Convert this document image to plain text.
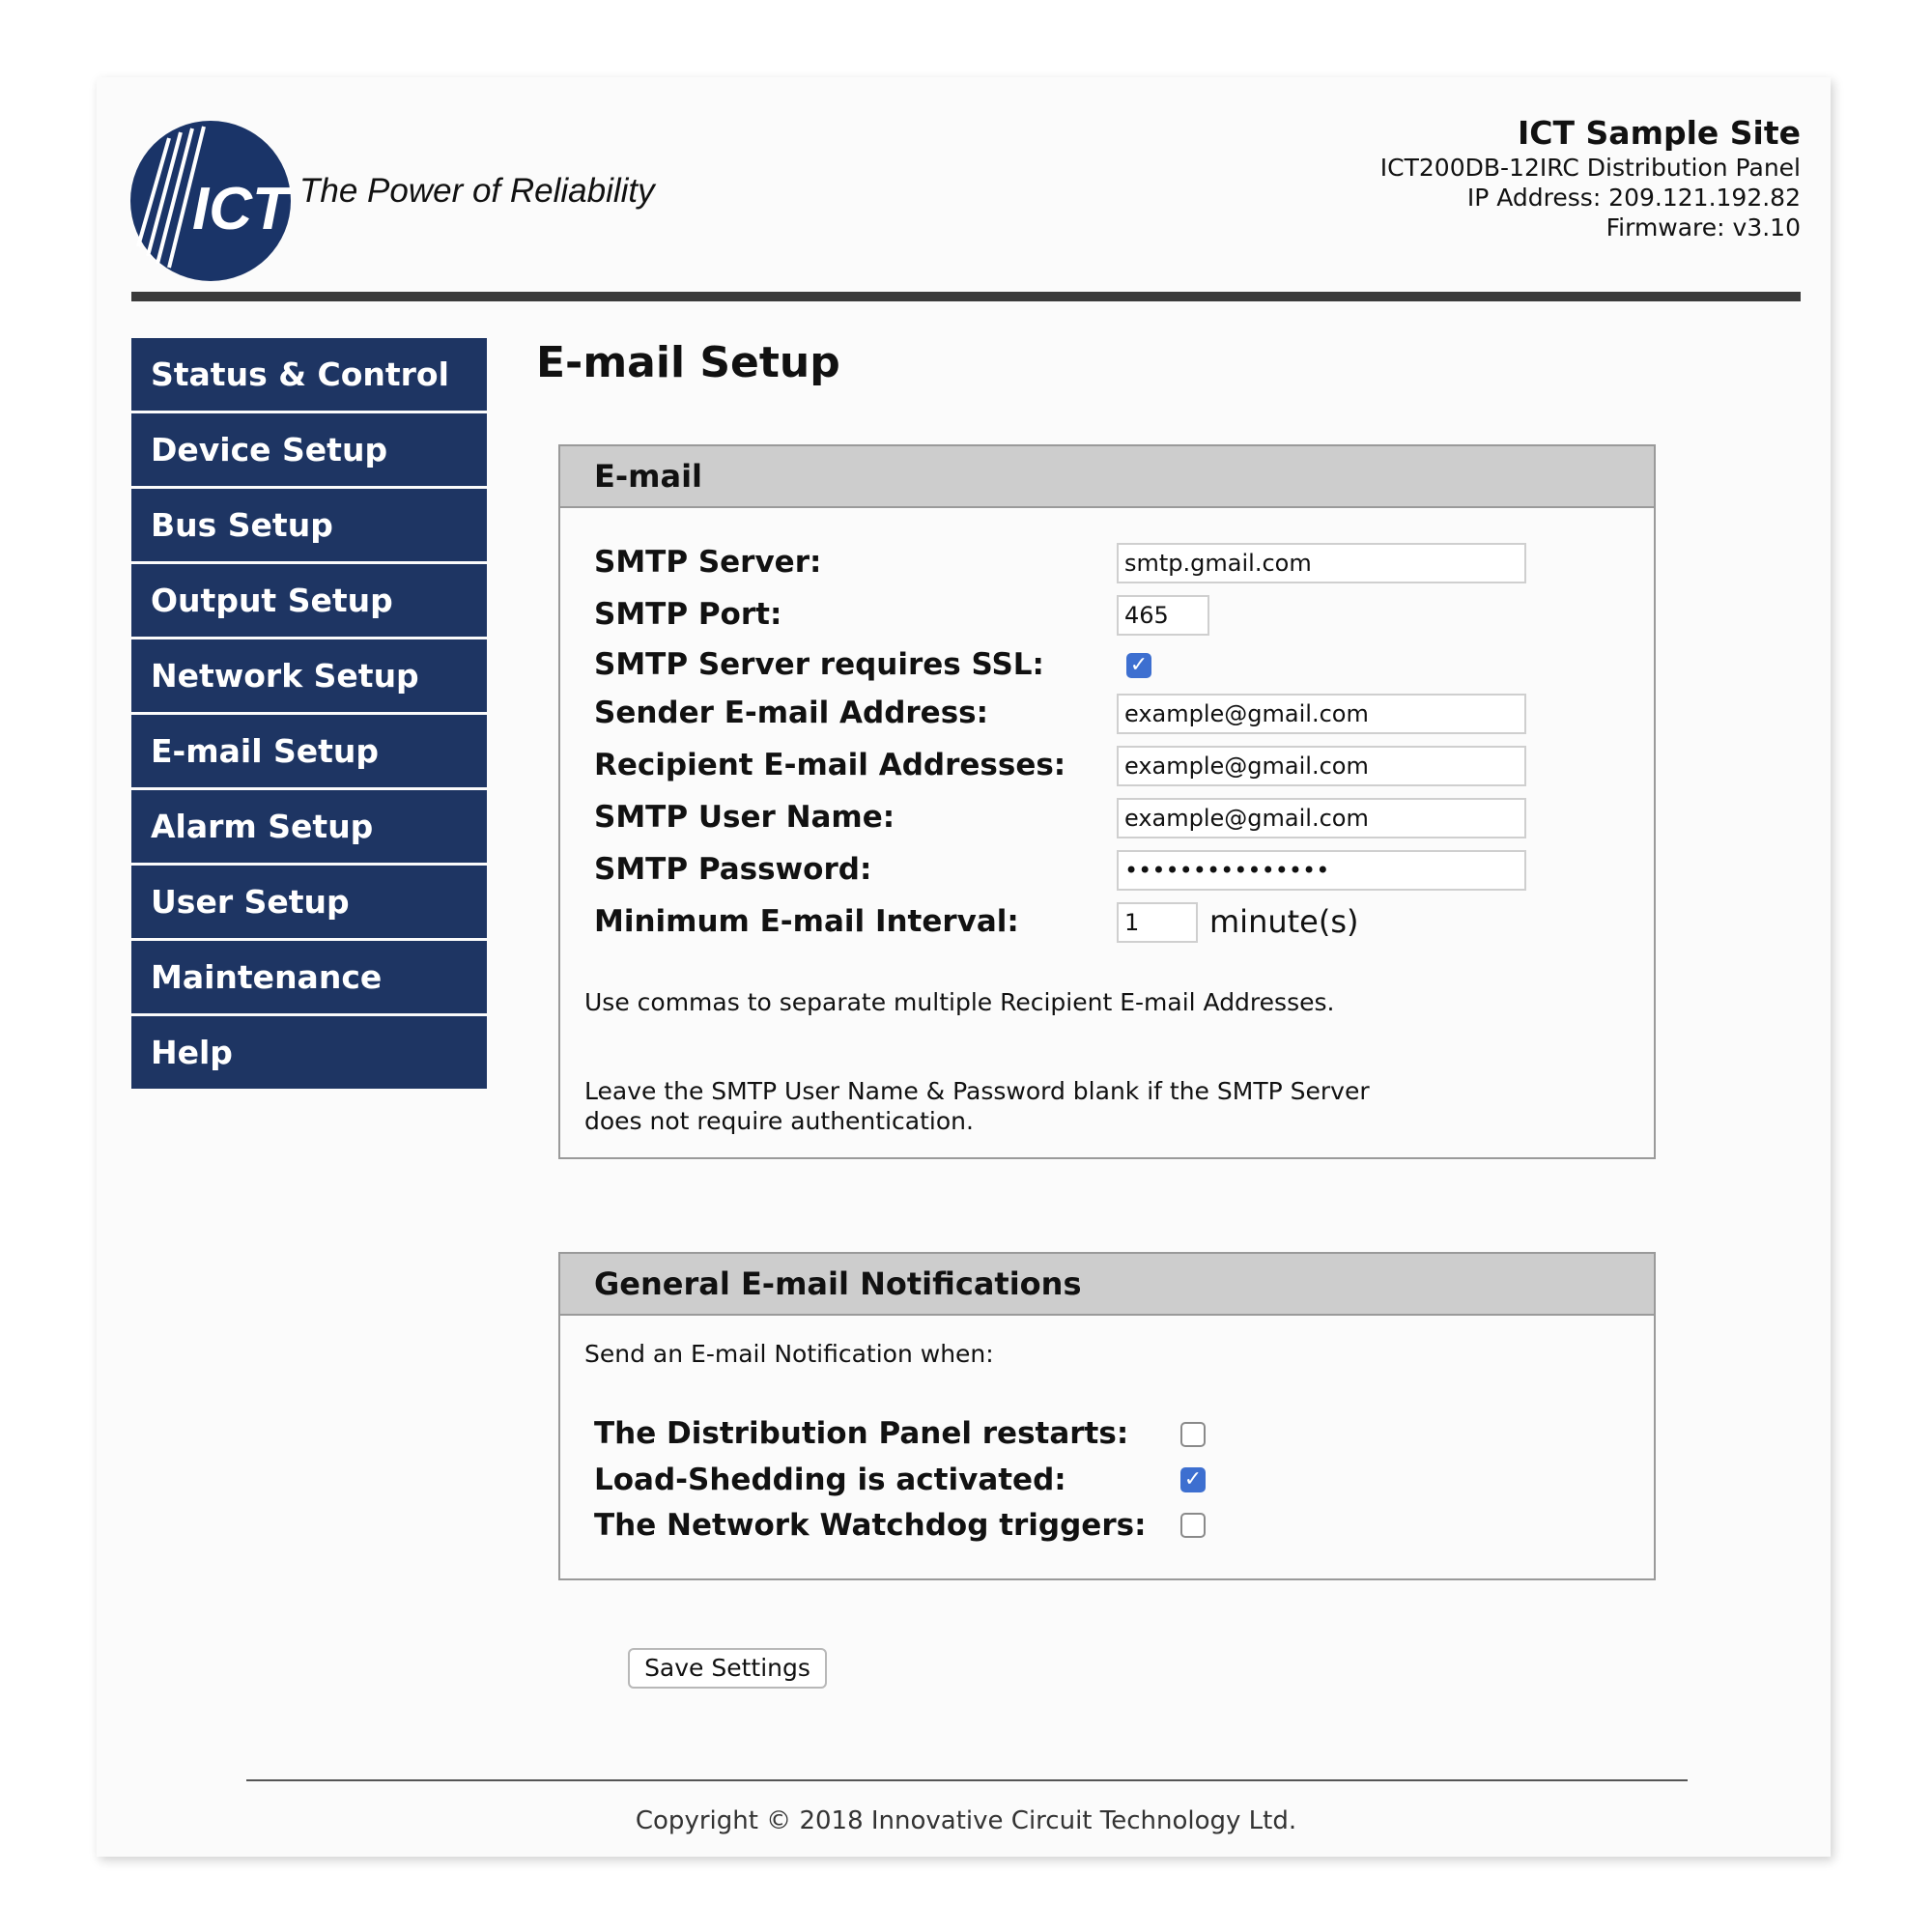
ICT The Power of Reliability
ICT Sample Site
ICT200DB-12IRC Distribution Panel
IP Address: 209.121.192.82
Firmware: v3.10
Status & Control
Device Setup
Bus Setup
Output Setup
Network Setup
E-mail Setup
Alarm Setup
User Setup
Maintenance
Help
E-mail Setup
E-mail
SMTP Server:	smtp.gmail.com
SMTP Port:	465
SMTP Server requires SSL:	✓
Sender E-mail Address:	example@gmail.com
Recipient E-mail Addresses:	example@gmail.com
SMTP User Name:	example@gmail.com
SMTP Password:	•••••••••••••••
Minimum E-mail Interval:	1	minute(s)
Use commas to separate multiple Recipient E-mail Addresses.
Leave the SMTP User Name & Password blank if the SMTP Server
does not require authentication.
General E-mail Notifications
Send an E-mail Notification when:
The Distribution Panel restarts:
Load-Shedding is activated:	✓
The Network Watchdog triggers:
Save Settings
Copyright © 2018 Innovative Circuit Technology Ltd.
